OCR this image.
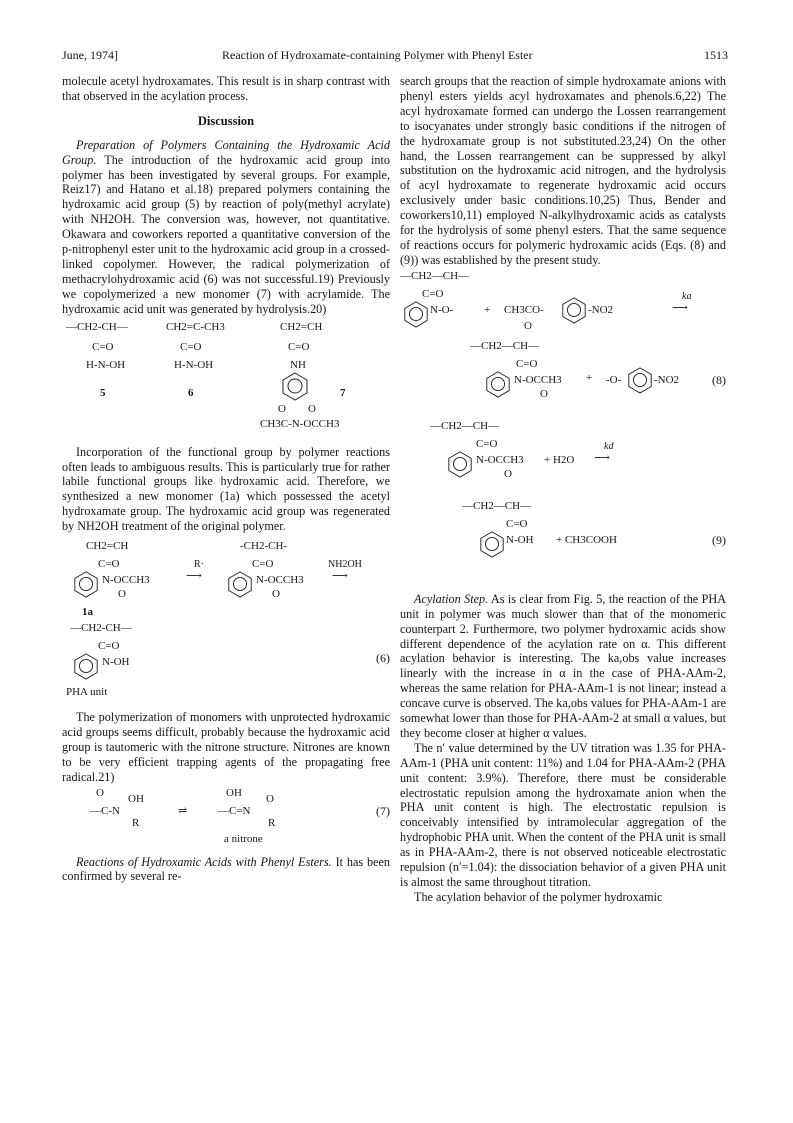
June, 1974]	Reaction of Hydroxamate-containing Polymer with Phenyl Ester	1513

molecule acetyl hydroxamates. This result is in sharp contrast with that observed in the acylation process.

Discussion

Preparation of Polymers Containing the Hydroxamic Acid Group. The introduction of the hydroxamic acid group into polymer has been investigated by several groups. For example, Reiz17) and Hatano et al.18) prepared polymers containing the hydroxamic acid group (5) by reaction of poly(methyl acrylate) with NH2OH. The conversion was, however, not quantitative. Okawara and coworkers reported a quantitative conversion of the p-nitrophenyl ester unit to the hydroxamic acid group in a crossed-linked copolymer. However, the radical polymerization of methacrylohydroxamic acid (6) was not successful.19) Previously we copolymerized a new monomer (7) with acrylamide. The hydroxamic acid unit was generated by hydrolysis.20)

—CH2-CH—
C=O
H-N-OH
5
CH2=C-CH3
C=O
H-N-OH
6
CH2=CH
C=O
NH
O O
CH3C-N-OCCH3
7

Incorporation of the functional group by polymer reactions often leads to ambiguous results. This is particularly true for rather labile functional groups like hydroxamic acid. Therefore, we synthesized a new monomer (1a) which possessed the acetyl hydroxamate group. The hydroxamic acid group was regenerated by NH2OH treatment of the original polymer.

CH2=CH
C=O
N-OCCH3
O
1a
R·
⟶
-CH2-CH-
C=O
N-OCCH3
O
NH2OH
⟶
—CH2-CH—
C=O
N-OH
PHA unit
(6)

The polymerization of monomers with unprotected hydroxamic acid groups seems difficult, probably because the hydroxamic acid group is tautomeric with the nitrone structure. Nitrones are known to be very efficient trapping agents of the propagating free radical.21)

O OH
—C-N
R
⇌
OH O
—C=N
R
a nitrone
(7)

Reactions of Hydroxamic Acids with Phenyl Esters. It has been confirmed by several re-

search groups that the reaction of simple hydroxamate anions with phenyl esters yields acyl hydroxamates and phenols.6,22) The acyl hydroxamate formed can undergo the Lossen rearrangement to isocyanates under strongly basic conditions if the nitrogen of the hydroxamate group is not substituted.23,24) On the other hand, the Lossen rearrangement can be suppressed by alkyl substitution on the hydroxamic acid nitrogen, and the hydrolysis of acyl hydroxamate to regenerate hydroxamic acid occurs exclusively under basic conditions.10,25) Thus, Bender and coworkers10,11) employed N-alkylhydroxamic acids as catalysts for the hydrolysis of some phenyl esters. That the same sequence of reactions occurs for polymeric hydroxamic acids (Eqs. (8) and (9)) was established by the present study.

—CH2—CH—
C=O
N-O-	+ CH3CO-	-NO2
O
ka
⟶
—CH2—CH—
C=O
N-OCCH3
O
+ -O-	-NO2	(8)
—CH2—CH—
C=O
N-OCCH3
O
+ H2O
kd
⟶
—CH2—CH—
C=O
N-OH + CH3COOH	(9)

Acylation Step. As is clear from Fig. 5, the reaction of the PHA unit in polymer was much slower than that of the monomeric counterpart 2. Furthermore, two polymer hydroxamic acids show different dependence of the acylation rate on α. This different acylation behavior is interesting. The ka,obs value increases linearly with the increase in α in the case of PHA-AAm-2, whereas the same relation for PHA-AAm-1 is not linear; instead a concave curve is observed. The ka,obs values for PHA-AAm-1 are somewhat lower than those for PHA-AAm-2 at small α values, but they become closer at higher α values.

The n′ value determined by the UV titration was 1.35 for PHA-AAm-1 (PHA unit content: 11%) and 1.04 for PHA-AAm-2 (PHA unit content: 3.9%). Therefore, there must be considerable electrostatic repulsion among the hydroxamate anion when the PHA unit content is high. The electrostatic repulsion is conceivably intensified by intramolecular aggregation of the hydrophobic PHA unit. When the content of the PHA unit is small as in PHA-AAm-2, there is not observed noticeable electrostatic repulsion (n′=1.04): the dissociation behavior of a given PHA unit is almost the same throughout titration.

The acylation behavior of the polymer hydroxamic
